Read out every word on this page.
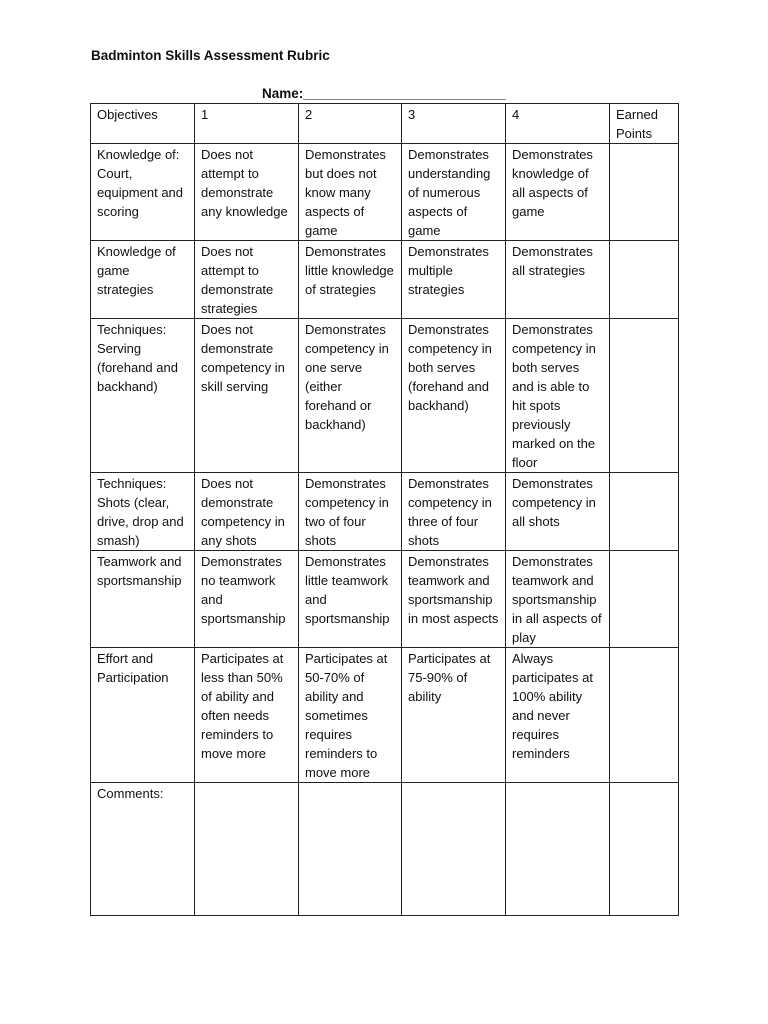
Badminton Skills Assessment Rubric
Name:___________________________
Objectives	1	2	3	4	Earned Points
Knowledge of: Court, equipment and scoring	Does not attempt to demonstrate any knowledge	Demonstrates but does not know many aspects of game	Demonstrates understanding of numerous aspects of game	Demonstrates knowledge of all aspects of game	
Knowledge of game strategies	Does not attempt to demonstrate strategies	Demonstrates little knowledge of strategies	Demonstrates multiple strategies	Demonstrates all strategies	
Techniques: Serving (forehand and backhand)	Does not demonstrate competency in skill serving	Demonstrates competency in one serve (either forehand or backhand)	Demonstrates competency in both serves (forehand and backhand)	Demonstrates competency in both serves and is able to hit spots previously marked on the floor	
Techniques: Shots (clear, drive, drop and smash)	Does not demonstrate competency in any shots	Demonstrates competency in two of four shots	Demonstrates competency in three of four shots	Demonstrates competency in all shots	
Teamwork and sportsmanship	Demonstrates no teamwork and sportsmanship	Demonstrates little teamwork and sportsmanship	Demonstrates teamwork and sportsmanship in most aspects	Demonstrates teamwork and sportsmanship in all aspects of play	
Effort and Participation	Participates at less than 50% of ability and often needs reminders to move more	Participates at 50-70% of ability and sometimes requires reminders to move more	Participates at 75-90% of ability	Always participates at 100% ability and never requires reminders	
Comments:					
